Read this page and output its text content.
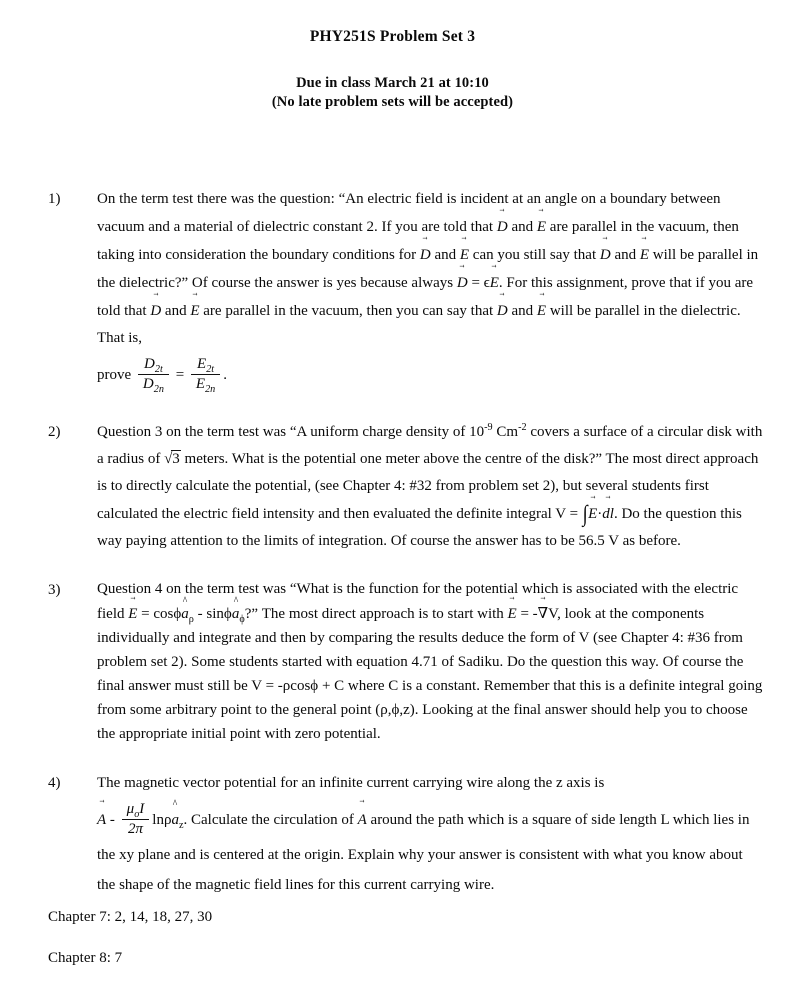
PHY251S Problem Set 3
Due in class March 21 at 10:10
(No late problem sets will be accepted)
1) On the term test there was the question: “An electric field is incident at an angle on a boundary between vacuum and a material of dielectric constant 2. If you are told that → D and → E are parallel in the vacuum, then taking into consideration the boundary conditions for → D and → E can you still say that → D and → E will be parallel in the dielectric?” Of course the answer is yes because always → D = ϵ→ E. For this assignment, prove that if you are told that → D and → E are parallel in the vacuum, then you can say that → D and → E will be parallel in the dielectric. That is,
prove $\frac{D_{2t}}{D_{2n}} = \frac{E_{2t}}{E_{2n}}$ .
2) Question 3 on the term test was “A uniform charge density of $10^{-9}$ $Cm^{-2}$ covers a surface of a circular disk with a radius of √3 meters. What is the potential one meter above the centre of the disk?” The most direct approach is to directly calculate the potential, (see Chapter 4: #32 from problem set 2), but several students first calculated the electric field intensity and then evaluated the definite integral V = ∫→ E·→ dl. Do the question this way paying attention to the limits of integration. Of course the answer has to be 56.5 V as before.
3) Question 4 on the term test was “What is the function for the potential which is associated with the electric field → E = cosϕ^ $a_\rho$ - sinϕ^ $a_\phi$?” The most direct approach is to start with → E = -→ ∇V, look at the components individually and integrate and then by comparing the results deduce the form of V (see Chapter 4: #36 from problem set 2). Some students started with equation 4.71 of Sadiku. Do the question this way. Of course the final answer must still be V = -ρcosϕ + C where C is a constant. Remember that this is a definite integral going from some arbitrary point to the general point (ρ,ϕ,z). Looking at the final answer should help you to choose the appropriate initial point with zero potential.
4) The magnetic vector potential for an infinite current carrying wire along the z axis is
→ A - $\frac{\mu_oI}{2\pi}$ lnρ^ $a_z$. Calculate the circulation of → A around the path which is a square of side length L which lies in the xy plane and is centered at the origin. Explain why your answer is consistent with what you know about the shape of the magnetic field lines for this current carrying wire.
Chapter 7: 2, 14, 18, 27, 30
Chapter 8: 7
